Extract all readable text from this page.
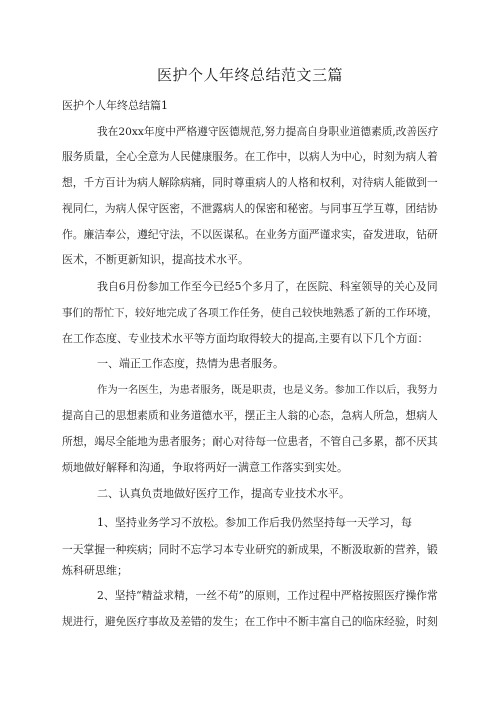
医护个人年终总结范文三篇
医护个人年终总结篇1
我在20xx年度中严格遵守医德规范,努力提高自身职业道德素质,改善医疗
服务质量，全心全意为人民健康服务。在工作中，以病人为中心，时刻为病人着
想，千方百计为病人解除病痛，同时尊重病人的人格和权利，对待病人能做到一
视同仁，为病人保守医密，不泄露病人的保密和秘密。与同事互学互尊，团结协
作。廉洁奉公，遵纪守法，不以医谋私。在业务方面严谨求实，奋发进取，钻研
医术，不断更新知识，提高技术水平。
我自6月份参加工作至今已经5个多月了，在医院、科室领导的关心及同
事们的帮忙下，较好地完成了各项工作任务，使自己较快地熟悉了新的工作环境，
在工作态度、专业技术水平等方面均取得较大的提高,主要有以下几个方面：
一、端正工作态度，热情为患者服务。
作为一名医生，为患者服务，既是职责，也是义务。参加工作以后，我努力
提高自己的思想素质和业务道德水平，摆正主人翁的心态，急病人所急，想病人
所想，竭尽全能地为患者服务；耐心对待每一位患者，不管自己多累，都不厌其
烦地做好解释和沟通，争取将两好一满意工作落实到实处。
二、认真负责地做好医疗工作，提高专业技术水平。
1、坚持业务学习不放松。参加工作后我仍然坚持每一天学习，每
一天掌握一种疾病；同时不忘学习本专业研究的新成果，不断汲取新的营养，锻
炼科研思维；
2、坚持“精益求精，一丝不苟”的原则，工作过程中严格按照医疗操作常
规进行，避免医疗事故及差错的发生；在工作中不断丰富自己的临床经验，时刻
